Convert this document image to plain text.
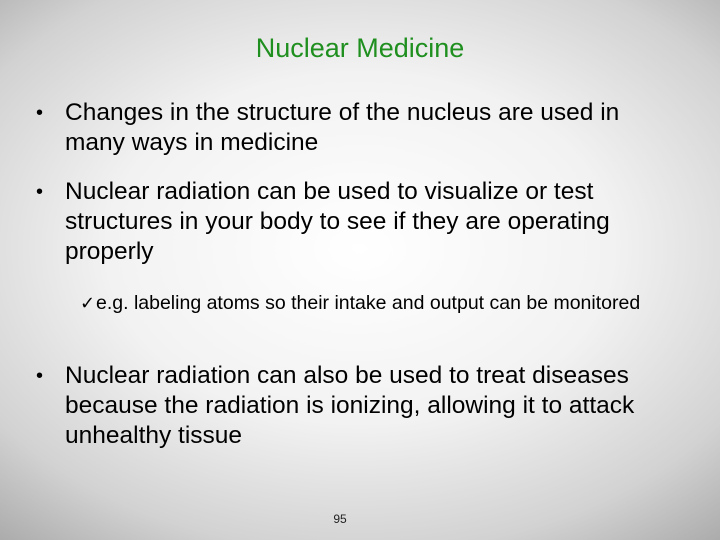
Nuclear Medicine
• Changes in the structure of the nucleus are used in many ways in medicine
• Nuclear radiation can be used to visualize or test structures in your body to see if they are operating properly
✓ e.g. labeling atoms so their intake and output can be monitored
• Nuclear radiation can also be used to treat diseases because the radiation is ionizing, allowing it to attack unhealthy tissue
95
